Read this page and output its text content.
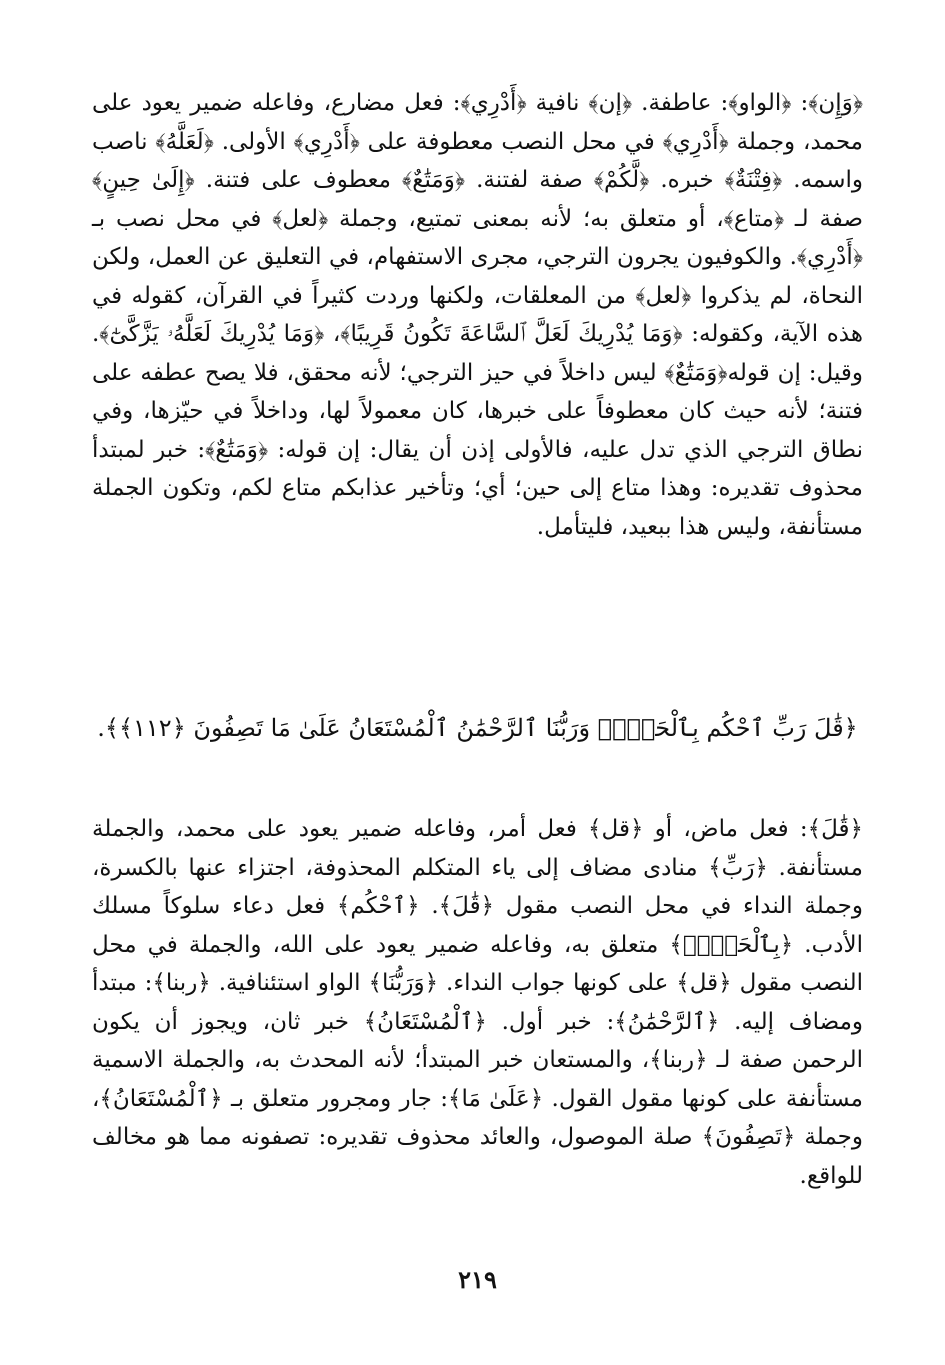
﴿وَإِن﴾: ﴿الواو﴾: عاطفة. ﴿إن﴾ نافية ﴿أَدْرِي﴾: فعل مضارع، وفاعله ضمير يعود على محمد، وجملة ﴿أَدْرِي﴾ في محل النصب معطوفة على ﴿أَدْرِي﴾ الأولى. ﴿لَعَلَّهُ﴾ ناصب واسمه. ﴿فِتْنَةٌ﴾ خبره. ﴿لَّكُمْ﴾ صفة لفتنة. ﴿وَمَتَٰعٌ﴾ معطوف على فتنة. ﴿إِلَىٰ حِينٍ﴾ صفة لـ ﴿متاع﴾، أو متعلق به؛ لأنه بمعنى تمتيع، وجملة ﴿لعل﴾ في محل نصب بـ ﴿أَدْرِي﴾. والكوفيون يجرون الترجي، مجرى الاستفهام، في التعليق عن العمل، ولكن النحاة، لم يذكروا ﴿لعل﴾ من المعلقات، ولكنها وردت كثيراً في القرآن، كقوله في هذه الآية، وكقوله: ﴿وَمَا يُدْرِيكَ لَعَلَّ ٱلسَّاعَةَ تَكُونُ قَرِيبًا﴾، ﴿وَمَا يُدْرِيكَ لَعَلَّهُۥ يَزَّكَّىٰٓ﴾. وقيل: إن قوله﴿وَمَتَٰعٌ﴾ ليس داخلاً في حيز الترجي؛ لأنه محقق، فلا يصح عطفه على فتنة؛ لأنه حيث كان معطوفاً على خبرها، كان معمولاً لها، وداخلاً في حيّزها، وفي نطاق الترجي الذي تدل عليه، فالأولى إذن أن يقال: إن قوله: ﴿وَمَتَٰعٌ﴾: خبر لمبتدأ محذوف تقديره: وهذا متاع إلى حين؛ أي؛ وتأخير عذابكم متاع لكم، وتكون الجملة مستأنفة، وليس هذا ببعيد، فليتأمل.

﴿قَٰلَ رَبِّ ٱحْكُم بِٱلْحَقِّۗ وَرَبُّنَا ٱلرَّحْمَٰنُ ٱلْمُسْتَعَانُ عَلَىٰ مَا تَصِفُونَ ﴿١١٢﴾﴾.

﴿قَٰلَ﴾: فعل ماض، أو ﴿قل﴾ فعل أمر، وفاعله ضمير يعود على محمد، والجملة مستأنفة. ﴿رَبِّ﴾ منادى مضاف إلى ياء المتكلم المحذوفة، اجتزاء عنها بالكسرة، وجملة النداء في محل النصب مقول ﴿قَٰلَ﴾. ﴿ٱحْكُم﴾ فعل دعاء سلوكاً مسلك الأدب. ﴿بِٱلْحَقِّۗ﴾ متعلق به، وفاعله ضمير يعود على الله، والجملة في محل النصب مقول ﴿قل﴾ على كونها جواب النداء. ﴿وَرَبُّنَا﴾ الواو استئنافية. ﴿ربنا﴾: مبتدأ ومضاف إليه. ﴿ٱلرَّحْمَٰنُ﴾: خبر أول. ﴿ٱلْمُسْتَعَانُ﴾ خبر ثان، ويجوز أن يكون الرحمن صفة لـ ﴿ربنا﴾، والمستعان خبر المبتدأ؛ لأنه المحدث به، والجملة الاسمية مستأنفة على كونها مقول القول. ﴿عَلَىٰ مَا﴾: جار ومجرور متعلق بـ ﴿ٱلْمُسْتَعَانُ﴾، وجملة ﴿تَصِفُونَ﴾ صلة الموصول، والعائد محذوف تقديره: تصفونه مما هو مخالف للواقع.

٢١٩
